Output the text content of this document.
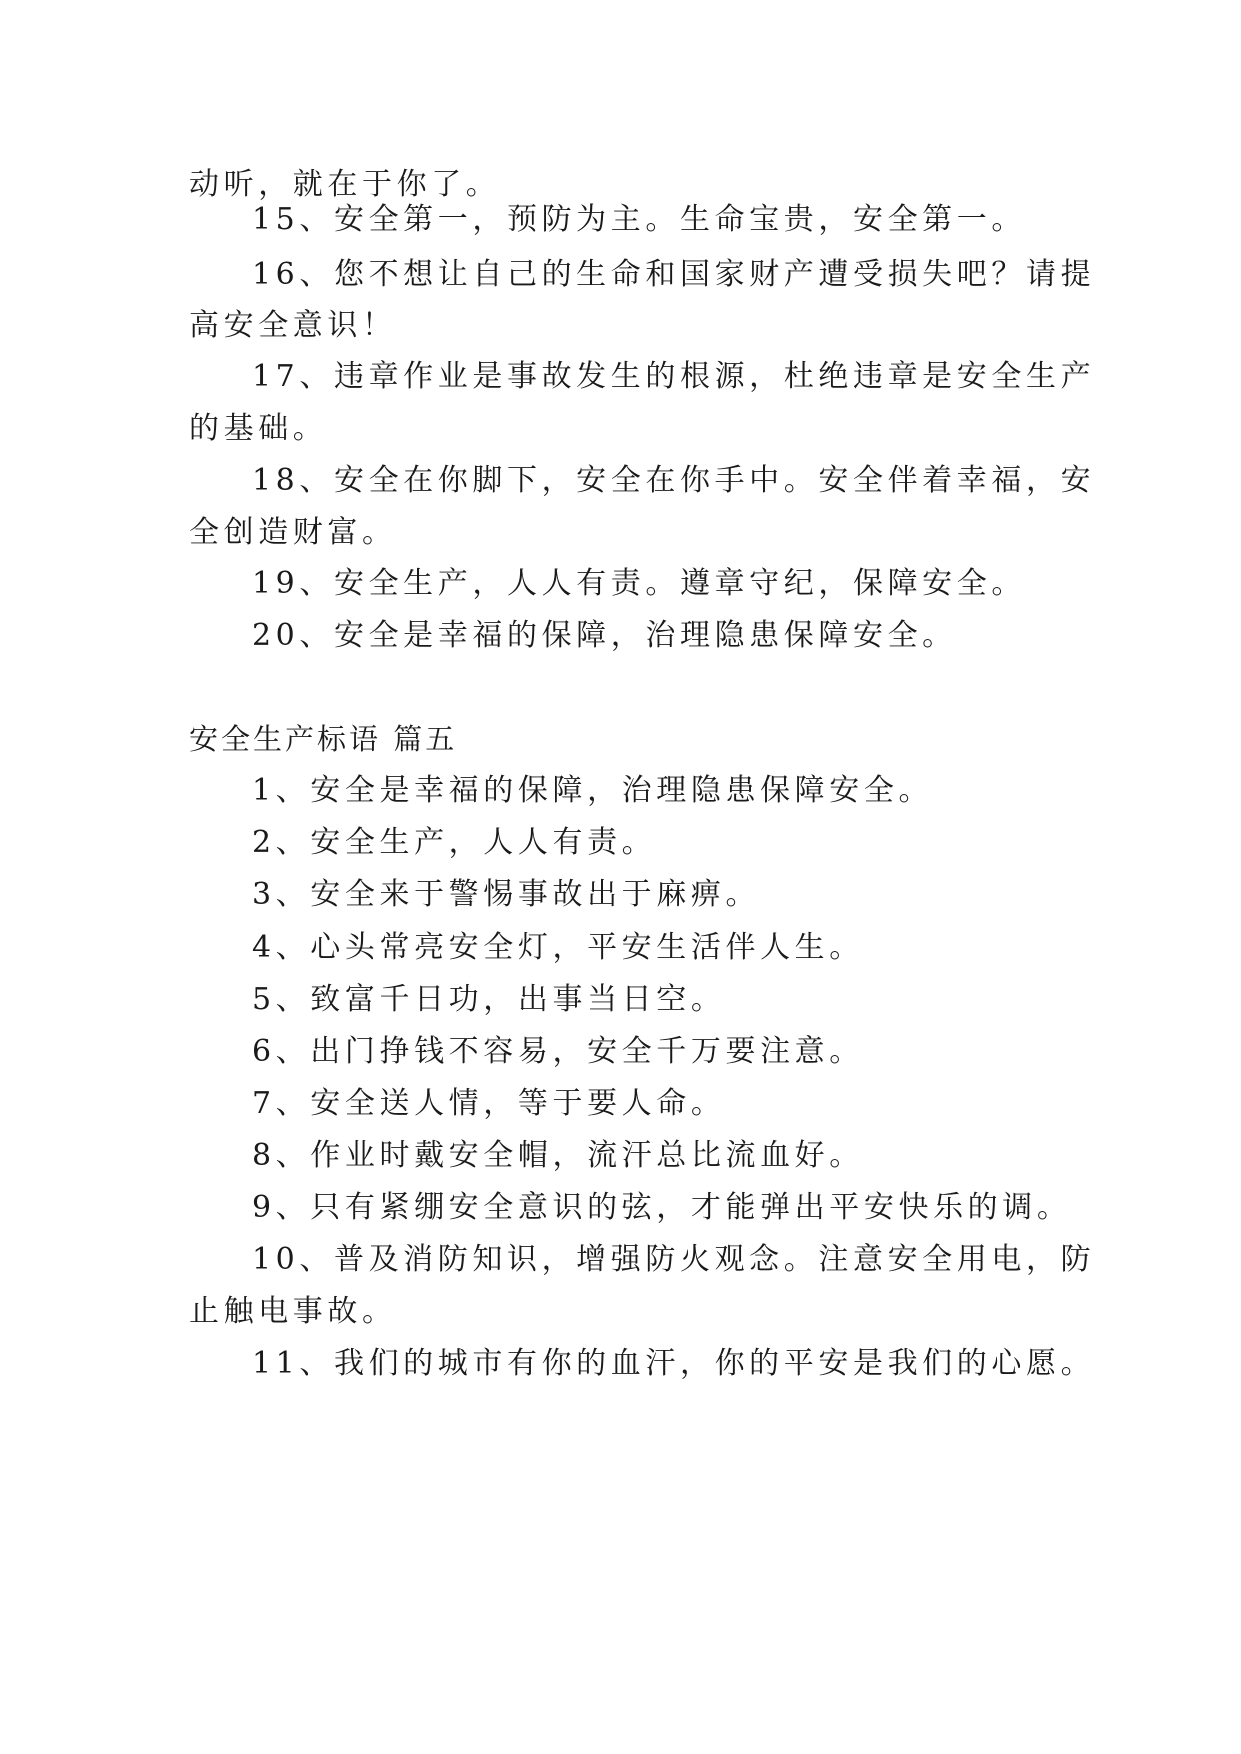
动听，就在于你了。
15、安全第一，预防为主。生命宝贵，安全第一。
16、您不想让自己的生命和国家财产遭受损失吧？请提
高安全意识！
17、违章作业是事故发生的根源，杜绝违章是安全生产
的基础。
18、安全在你脚下，安全在你手中。安全伴着幸福，安
全创造财富。
19、安全生产，人人有责。遵章守纪，保障安全。
20、安全是幸福的保障，治理隐患保障安全。
安全生产标语 篇五
1、安全是幸福的保障，治理隐患保障安全。
2、安全生产，人人有责。
3、安全来于警惕事故出于麻痹。
4、心头常亮安全灯，平安生活伴人生。
5、致富千日功，出事当日空。
6、出门挣钱不容易，安全千万要注意。
7、安全送人情，等于要人命。
8、作业时戴安全帽，流汗总比流血好。
9、只有紧绷安全意识的弦，才能弹出平安快乐的调。
10、普及消防知识，增强防火观念。注意安全用电，防
止触电事故。
11、我们的城市有你的血汗，你的平安是我们的心愿。
